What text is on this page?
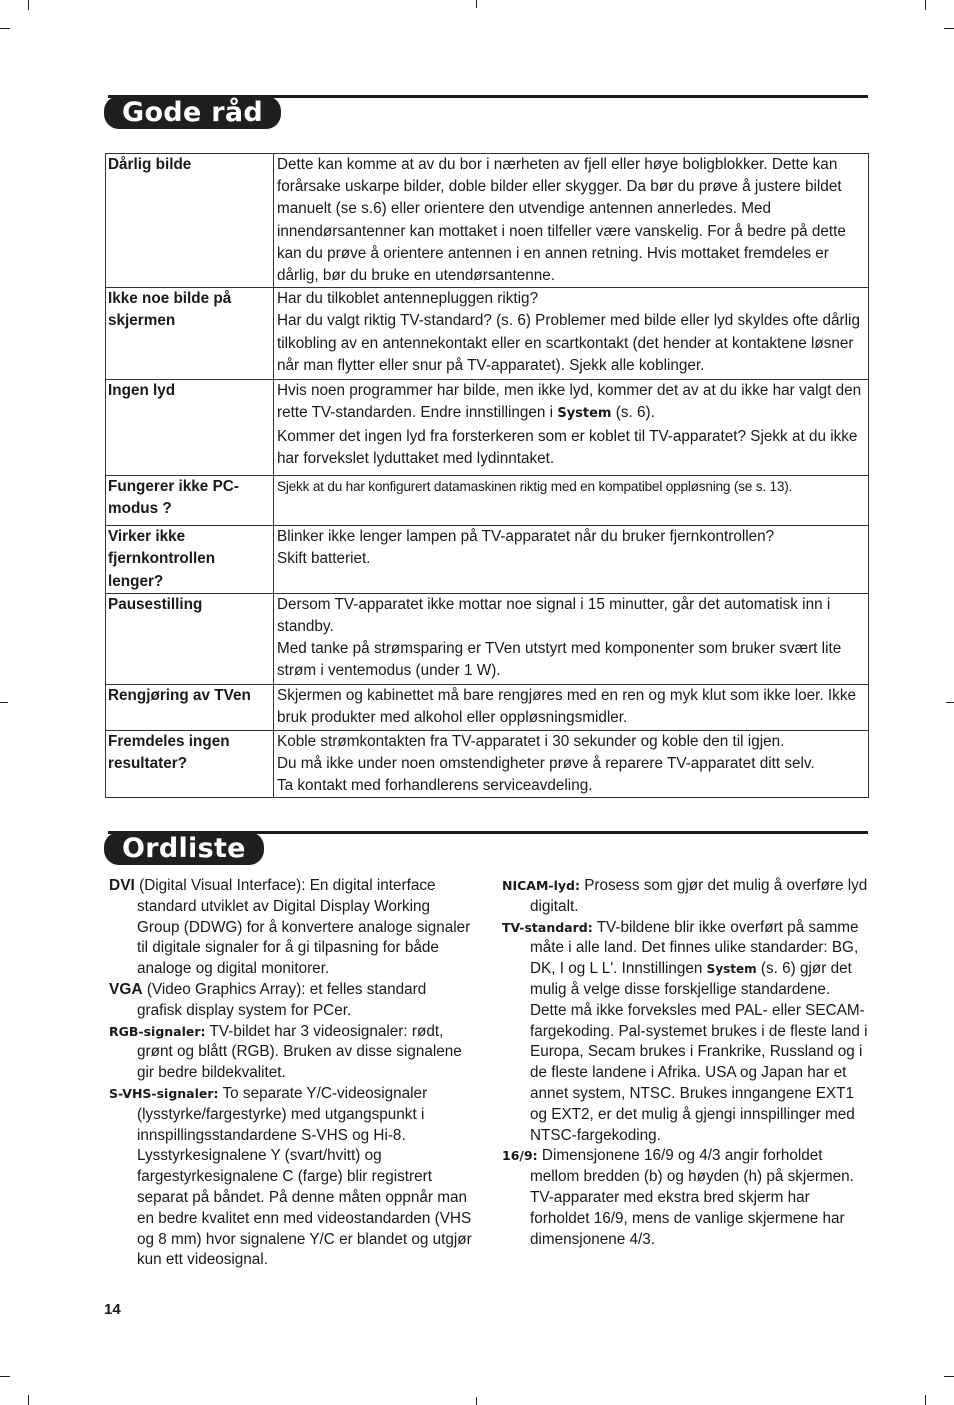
Gode råd
Dårlig bilde	Dette kan komme at av du bor i nærheten av fjell eller høye boligblokker. Dette kan forårsake uskarpe bilder, doble bilder eller skygger. Da bør du prøve å justere bildet manuelt (se s.6) eller orientere den utvendige antennen annerledes. Med innendørsantenner kan mottaket i noen tilfeller være vanskelig. For å bedre på dette kan du prøve å orientere antennen i en annen retning. Hvis mottaket fremdeles er dårlig, bør du bruke en utendørsantenne.
Ikke noe bilde på skjermen	Har du tilkoblet antennepluggen riktig?
Har du valgt riktig TV-standard? (s. 6) Problemer med bilde eller lyd skyldes ofte dårlig tilkobling av en antennekontakt eller en scartkontakt (det hender at kontaktene løsner når man flytter eller snur på TV-apparatet). Sjekk alle koblinger.
Ingen lyd	Hvis noen programmer har bilde, men ikke lyd, kommer det av at du ikke har valgt den rette TV-standarden. Endre innstillingen i System (s. 6).
Kommer det ingen lyd fra forsterkeren som er koblet til TV-apparatet? Sjekk at du ikke har forvekslet lyduttaket med lydinntaket.
Fungerer ikke PC-modus ?	Sjekk at du har konfigurert datamaskinen riktig med en kompatibel oppløsning (se s. 13).
Virker ikke fjernkontrollen lenger?	Blinker ikke lenger lampen på TV-apparatet når du bruker fjernkontrollen?
Skift batteriet.
Pausestilling	Dersom TV-apparatet ikke mottar noe signal i 15 minutter, går det automatisk inn i standby.
Med tanke på strømsparing er TVen utstyrt med komponenter som bruker svært lite strøm i ventemodus (under 1 W).
Rengjøring av TVen	Skjermen og kabinettet må bare rengjøres med en ren og myk klut som ikke loer. Ikke bruk produkter med alkohol eller oppløsningsmidler.
Fremdeles ingen resultater?	Koble strømkontakten fra TV-apparatet i 30 sekunder og koble den til igjen.
Du må ikke under noen omstendigheter prøve å reparere TV-apparatet ditt selv.
Ta kontakt med forhandlerens serviceavdeling.
Ordliste

DVI (Digital Visual Interface): En digital interface standard utviklet av Digital Display Working Group (DDWG) for å konvertere analoge signaler til digitale signaler for å gi tilpasning for både analoge og digital monitorer.

VGA (Video Graphics Array): et felles standard grafisk display system for PCer.

RGB-signaler: TV-bildet har 3 videosignaler: rødt, grønt og blått (RGB). Bruken av disse signalene gir bedre bildekvalitet.

S-VHS-signaler: To separate Y/C-videosignaler (lysstyrke/fargestyrke) med utgangspunkt i innspillingsstandardene S-VHS og Hi-8. Lysstyrkesignalene Y (svart/hvitt) og fargestyrkesignalene C (farge) blir registrert separat på båndet. På denne måten oppnår man en bedre kvalitet enn med videostandarden (VHS og 8 mm) hvor signalene Y/C er blandet og utgjør kun ett videosignal.

NICAM-lyd: Prosess som gjør det mulig å overføre lyd digitalt.

TV-standard: TV-bildene blir ikke overført på samme måte i alle land. Det finnes ulike standarder: BG, DK, I og L L'. Innstillingen System (s. 6) gjør det mulig å velge disse forskjellige standardene. Dette må ikke forveksles med PAL- eller SECAM-fargekoding. Pal-systemet brukes i de fleste land i Europa, Secam brukes i Frankrike, Russland og i de fleste landene i Afrika. USA og Japan har et annet system, NTSC. Brukes inngangene EXT1 og EXT2, er det mulig å gjengi innspillinger med NTSC-fargekoding.

16/9: Dimensjonene 16/9 og 4/3 angir forholdet mellom bredden (b) og høyden (h) på skjermen. TV-apparater med ekstra bred skjerm har forholdet 16/9, mens de vanlige skjermene har dimensjonene 4/3.

14
